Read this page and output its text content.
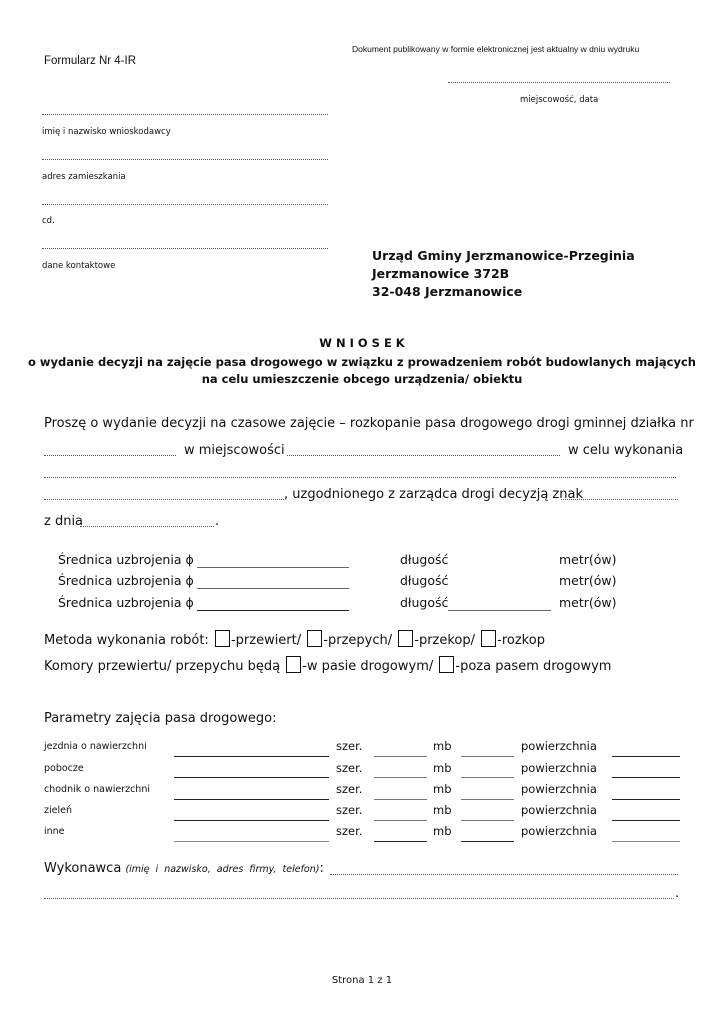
Formularz Nr 4-IR
Dokument publikowany w formie elektronicznej jest aktualny w dniu wydruku
miejscowość, data
imię i nazwisko wnioskodawcy
adres zamieszkania
cd.
dane kontaktowe
Urząd Gminy Jerzmanowice-Przeginia
Jerzmanowice 372B
32-048 Jerzmanowice
W N I O S E K
o wydanie decyzji na zajęcie pasa drogowego w związku z prowadzeniem robót budowlanych mających
na celu umieszczenie obcego urządzenia/ obiektu
Proszę o wydanie decyzji na czasowe zajęcie – rozkopanie pasa drogowego drogi gminnej działka nr
w miejscowości	w celu wykonania
, uzgodnionego z zarządca drogi decyzją znak
z dnia	.
Średnica uzbrojenia ɸ	długość	metr(ów)
Średnica uzbrojenia ɸ	długość	metr(ów)
Średnica uzbrojenia ɸ	długość	metr(ów)
Metoda wykonania robót: -przewiert/ -przepych/ -przekop/ -rozkop
Komory przewiertu/ przepychu będą -w pasie drogowym/ -poza pasem drogowym
Parametry zajęcia pasa drogowego:
jezdnia o nawierzchni	szer.	mb	powierzchnia
pobocze	szer.	mb	powierzchnia
chodnik o nawierzchni	szer.	mb	powierzchnia
zieleń	szer.	mb	powierzchnia
inne	szer.	mb	powierzchnia
Wykonawca (imię i nazwisko, adres firmy, telefon):
.
Strona 1 z 1
